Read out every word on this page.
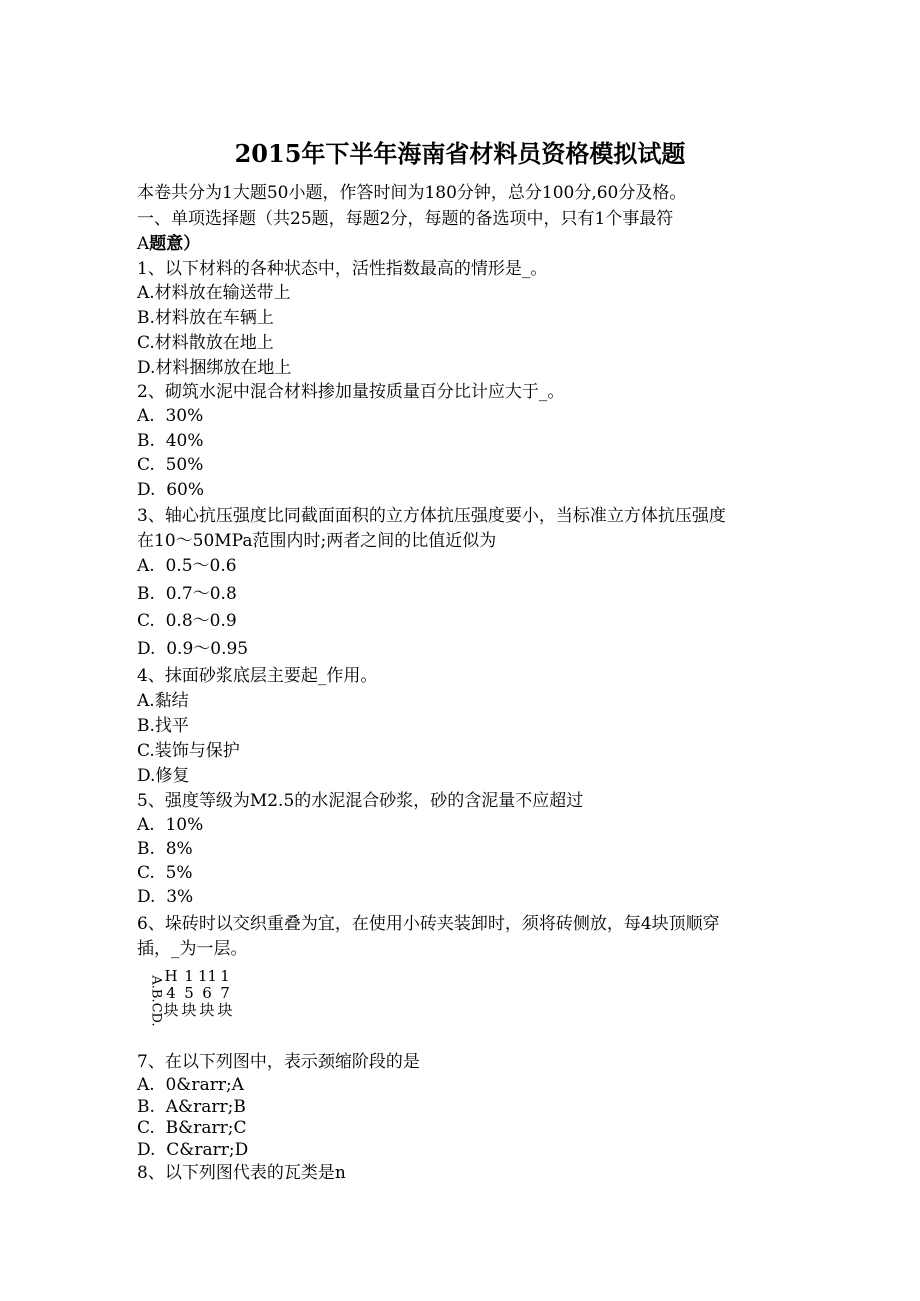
2015年下半年海南省材料员资格模拟试题
本卷共分为1大题50小题，作答时间为180分钟，总分100分,60分及格。
一、单项选择题（共25题，每题2分，每题的备选项中，只有1个事最符
A题意）
1、以下材料的各种状态中，活性指数最高的情形是_。
A.材料放在输送带上
B.材料放在车辆上
C.材料散放在地上
D.材料捆绑放在地上
2、砌筑水泥中混合材料掺加量按质量百分比计应大于_。
A.  30%
B.  40%
C.  50%
D.  60%
3、轴心抗压强度比同截面面积的立方体抗压强度要小，当标准立方体抗压强度
在10～50MPa范围内时;两者之间的比值近似为
A.  0.5～0.6
B.  0.7～0.8
C.  0.8～0.9
D.  0.9～0.95
4、抹面砂浆底层主要起_作用。
A.黏结
B.找平
C.装饰与保护
D.修复
5、强度等级为M2.5的水泥混合砂浆，砂的含泥量不应超过
A.  10%
B.  8%
C.  5%
D.  3%
6、垛砖时以交织重叠为宜，在使用小砖夹装卸时，须将砖侧放，每4块顶顺穿
插，_为一层。
A.B.CD. H
4
块
1
5
块
11
6
块
1
7
块
7、在以下列图中，表示颈缩阶段的是
A.  0&rarr;A
B.  A&rarr;B
C.  B&rarr;C
D.  C&rarr;D
8、以下列图代表的瓦类是n
